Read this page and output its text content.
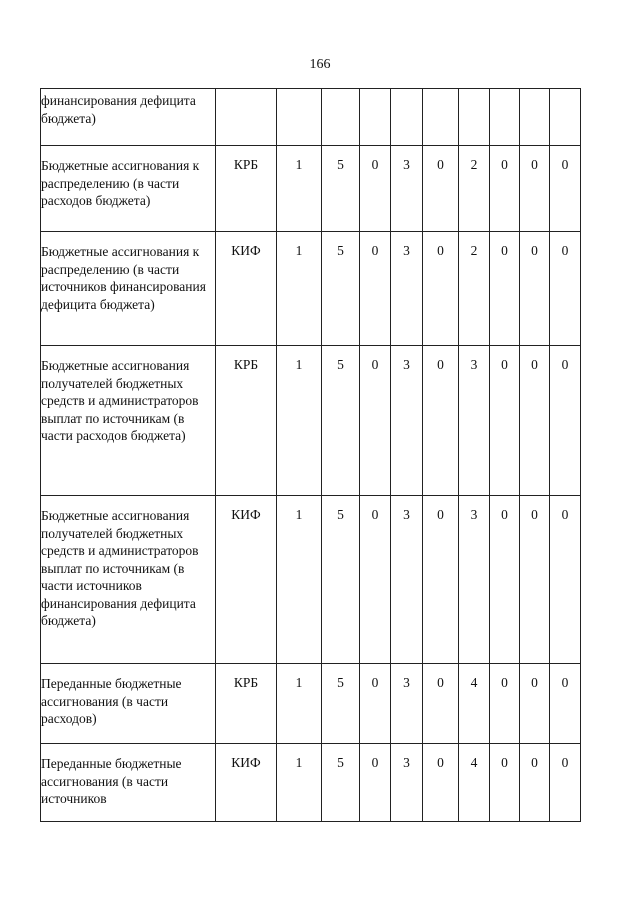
166
финансирования дефицита бюджета)										
Бюджетные ассигнования к распределению (в части расходов бюджета)	КРБ	1	5	0	3	0	2	0	0	0
Бюджетные ассигнования к распределению (в части источников финансирования дефицита бюджета)	КИФ	1	5	0	3	0	2	0	0	0
Бюджетные ассигнования получателей бюджетных средств и администраторов выплат по источникам (в части расходов бюджета)	КРБ	1	5	0	3	0	3	0	0	0
Бюджетные ассигнования получателей бюджетных средств и администраторов выплат по источникам (в части источников финансирования дефицита бюджета)	КИФ	1	5	0	3	0	3	0	0	0
Переданные бюджетные ассигнования (в части расходов)	КРБ	1	5	0	3	0	4	0	0	0
Переданные бюджетные ассигнования (в части источников	КИФ	1	5	0	3	0	4	0	0	0
